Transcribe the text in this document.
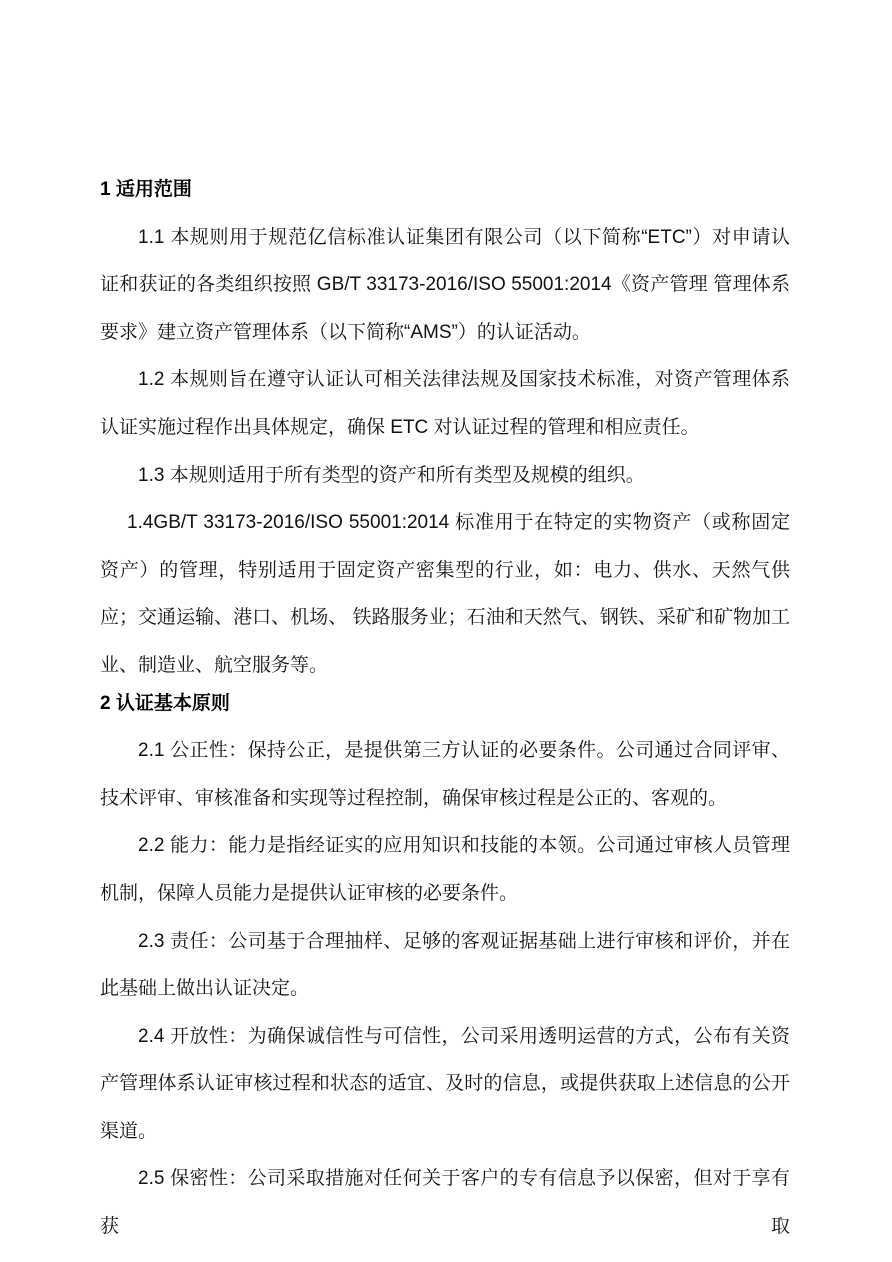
1 适用范围

1.1 本规则用于规范亿信标准认证集团有限公司（以下简称“ETC”）对申请认证和获证的各类组织按照 GB/T 33173-2016/ISO 55001:2014《资产管理 管理体系 要求》建立资产管理体系（以下简称“AMS”）的认证活动。

1.2 本规则旨在遵守认证认可相关法律法规及国家技术标准，对资产管理体系认证实施过程作出具体规定，确保 ETC 对认证过程的管理和相应责任。

1.3 本规则适用于所有类型的资产和所有类型及规模的组织。

1.4GB/T 33173-2016/ISO 55001:2014 标准用于在特定的实物资产（或称固定资产）的管理，特别适用于固定资产密集型的行业，如：电力、供水、天然气供应；交通运输、港口、机场、 铁路服务业；石油和天然气、钢铁、采矿和矿物加工业、制造业、航空服务等。

2 认证基本原则

2.1 公正性：保持公正，是提供第三方认证的必要条件。公司通过合同评审、技术评审、审核准备和实现等过程控制，确保审核过程是公正的、客观的。

2.2 能力：能力是指经证实的应用知识和技能的本领。公司通过审核人员管理机制，保障人员能力是提供认证审核的必要条件。

2.3 责任：公司基于合理抽样、足够的客观证据基础上进行审核和评价，并在此基础上做出认证决定。

2.4 开放性：为确保诚信性与可信性，公司采用透明运营的方式，公布有关资产管理体系认证审核过程和状态的适宜、及时的信息，或提供获取上述信息的公开渠道。

2.5 保密性：公司采取措施对任何关于客户的专有信息予以保密，但对于享有获取
